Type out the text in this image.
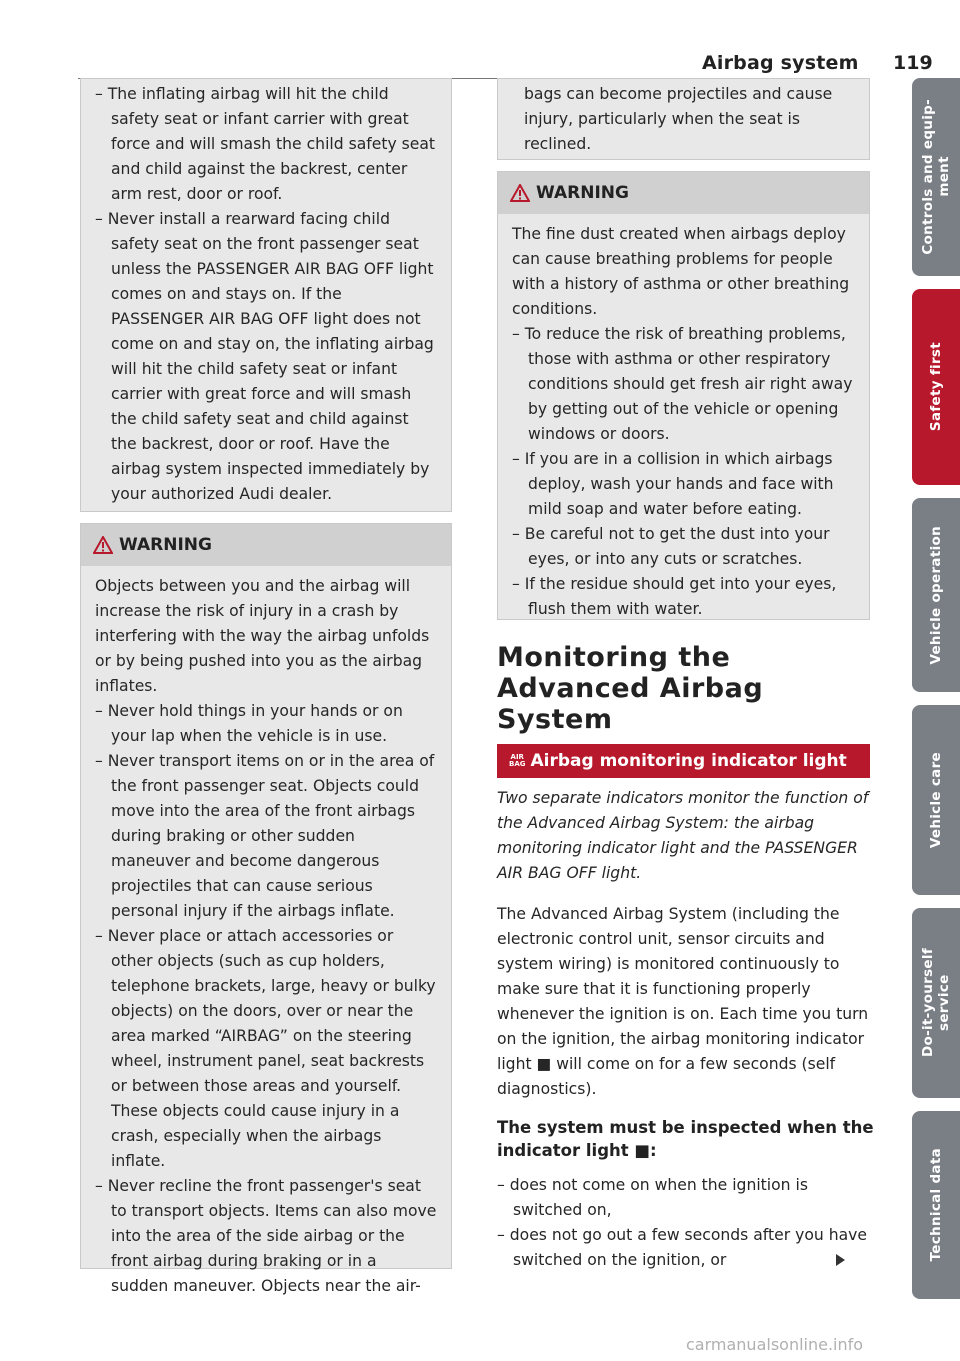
Airbag system 119

– The inflating airbag will hit the child safety seat or infant carrier with great force and will smash the child safety seat and child against the backrest, center arm rest, door or roof.

– Never install a rearward facing child safety seat on the front passenger seat unless the PASSENGER AIR BAG OFF light comes on and stays on. If the PASSENGER AIR BAG OFF light does not come on and stay on, the inflating airbag will hit the child safety seat or infant carrier with great force and will smash the child safety seat and child against the backrest, door or roof. Have the airbag system inspected immediately by your authorized Audi dealer.

WARNING

Objects between you and the airbag will increase the risk of injury in a crash by interfering with the way the airbag unfolds or by being pushed into you as the airbag inflates.

– Never hold things in your hands or on your lap when the vehicle is in use.

– Never transport items on or in the area of the front passenger seat. Objects could move into the area of the front airbags during braking or other sudden maneuver and become dangerous projectiles that can cause serious personal injury if the airbags inflate.

– Never place or attach accessories or other objects (such as cup holders, telephone brackets, large, heavy or bulky objects) on the doors, over or near the area marked “AIRBAG” on the steering wheel, instrument panel, seat backrests or between those areas and yourself. These objects could cause injury in a crash, especially when the airbags inflate.

– Never recline the front passenger's seat to transport objects. Items can also move into the area of the side airbag or the front airbag during braking or in a sudden maneuver. Objects near the air-

bags can become projectiles and cause injury, particularly when the seat is reclined.

WARNING

The fine dust created when airbags deploy can cause breathing problems for people with a history of asthma or other breathing conditions.

– To reduce the risk of breathing problems, those with asthma or other respiratory conditions should get fresh air right away by getting out of the vehicle or opening windows or doors.

– If you are in a collision in which airbags deploy, wash your hands and face with mild soap and water before eating.

– Be careful not to get the dust into your eyes, or into any cuts or scratches.

– If the residue should get into your eyes, flush them with water.

Monitoring the Advanced Airbag System
AIR
BAG Airbag monitoring indicator light

Two separate indicators monitor the function of the Advanced Airbag System: the airbag monitoring indicator light and the PASSENGER AIR BAG OFF light.

The Advanced Airbag System (including the electronic control unit, sensor circuits and system wiring) is monitored continuously to make sure that it is functioning properly whenever the ignition is on. Each time you turn on the ignition, the airbag monitoring indicator light ■ will come on for a few seconds (self diagnostics).

The system must be inspected when the indicator light ■:

– does not come on when the ignition is switched on,

– does not go out a few seconds after you have switched on the ignition, or

Controls and equip-
ment
Safety first
Vehicle operation
Vehicle care
Do-it-yourself
service
Technical data
carmanualsonline.info
